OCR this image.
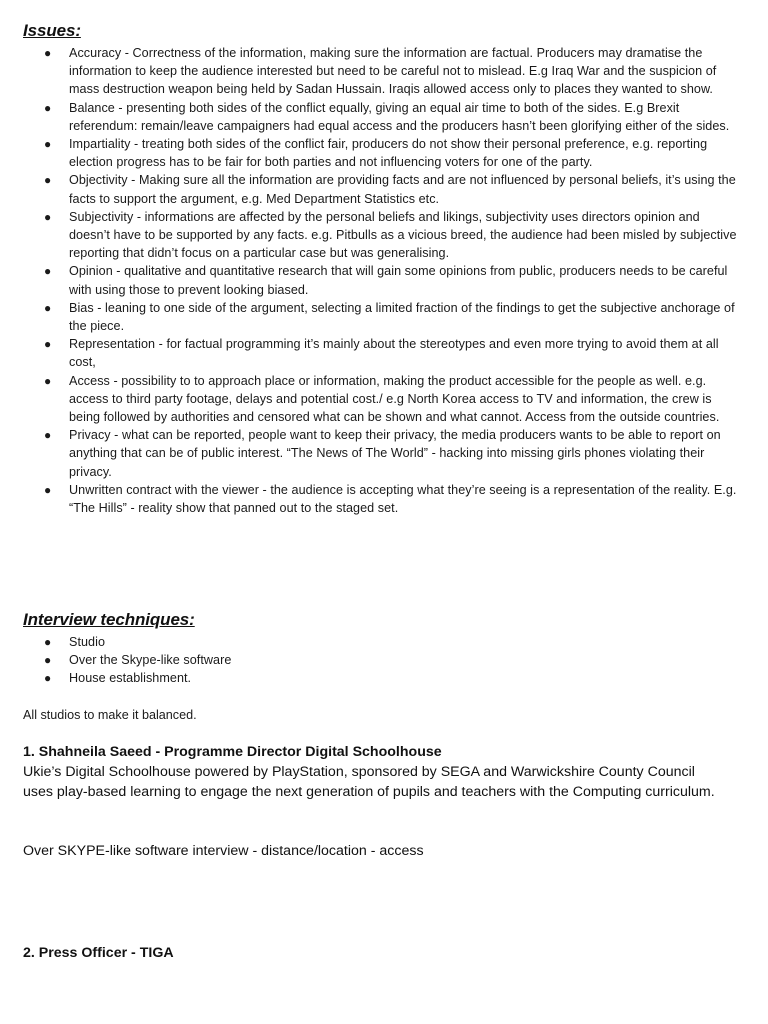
Issues:
● Accuracy - Correctness of the information, making sure the information are factual. Producers may dramatise the information to keep the audience interested but need to be careful not to mislead. E.g Iraq War and the suspicion of mass destruction weapon being held by Sadan Hussain. Iraqis allowed access only to places they wanted to show.
● Balance - presenting both sides of the conflict equally, giving an equal air time to both of the sides. E.g Brexit referendum: remain/leave campaigners had equal access and the producers hasn’t been glorifying either of the sides.
● Impartiality - treating both sides of the conflict fair, producers do not show their personal preference, e.g. reporting election progress has to be fair for both parties and not influencing voters for one of the party.
● Objectivity - Making sure all the information are providing facts and are not influenced by personal beliefs, it’s using the facts to support the argument, e.g. Med Department Statistics etc.
● Subjectivity - informations are affected by the personal beliefs and likings, subjectivity uses directors opinion and doesn’t have to be supported by any facts. e.g. Pitbulls as a vicious breed, the audience had been misled by subjective reporting that didn’t focus on a particular case but was generalising.
● Opinion - qualitative and quantitative research that will gain some opinions from public, producers needs to be careful with using those to prevent looking biased.
● Bias - leaning to one side of the argument, selecting a limited fraction of the findings to get the subjective anchorage of the piece.
● Representation - for factual programming it’s mainly about the stereotypes and even more trying to avoid them at all cost,
● Access - possibility to to approach place or information, making the product accessible for the people as well. e.g. access to third party footage, delays and potential cost./ e.g North Korea access to TV and information, the crew is being followed by authorities and censored what can be shown and what cannot. Access from the outside countries.
● Privacy - what can be reported, people want to keep their privacy, the media producers wants to be able to report on anything that can be of public interest. “The News of The World” - hacking into missing girls phones violating their privacy.
● Unwritten contract with the viewer - the audience is accepting what they’re seeing is a representation of the reality. E.g. “The Hills” - reality show that panned out to the staged set.
Interview techniques:
● Studio
● Over the Skype-like software
● House establishment.

All studios to make it balanced.

1. Shahneila Saeed - Programme Director Digital Schoolhouse

Ukie’s Digital Schoolhouse powered by PlayStation, sponsored by SEGA and Warwickshire County Council uses play-based learning to engage the next generation of pupils and teachers with the Computing curriculum.

Over SKYPE-like software interview - distance/location - access

2. Press Officer - TIGA
